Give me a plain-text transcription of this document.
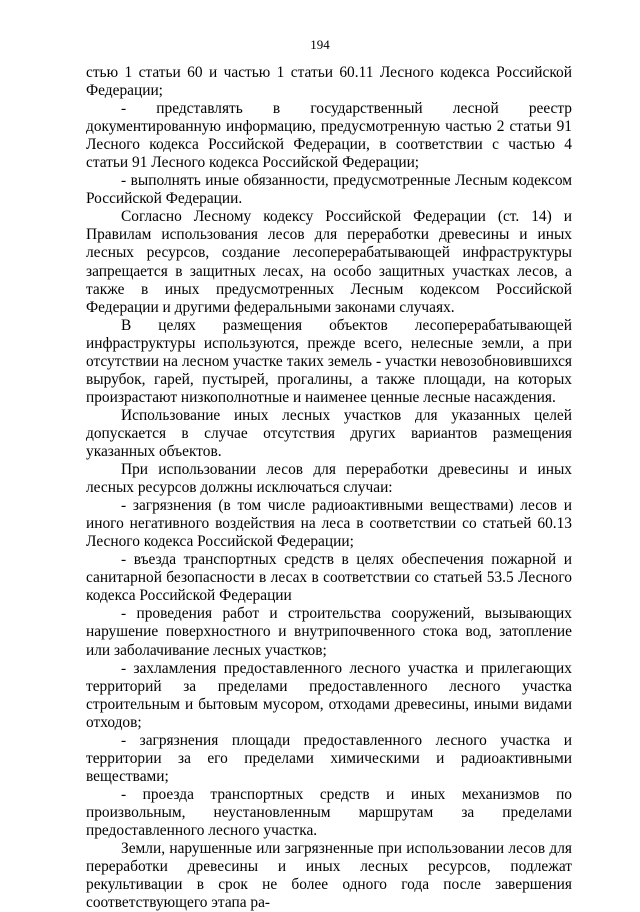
194

стью 1 статьи 60 и частью 1 статьи 60.11 Лесного кодекса Российской Федерации;

- представлять в государственный лесной реестр документированную информацию, предусмотренную частью 2 статьи 91 Лесного кодекса Российской Федерации, в соответствии с частью 4 статьи 91 Лесного кодекса Российской Федерации;

- выполнять иные обязанности, предусмотренные Лесным кодексом Российской Федерации.

Согласно Лесному кодексу Российской Федерации (ст. 14) и Правилам использования лесов для переработки древесины и иных лесных ресурсов, создание лесоперерабатывающей инфраструктуры запрещается в защитных лесах, на особо защитных участках лесов, а также в иных предусмотренных Лесным кодексом Российской Федерации и другими федеральными законами случаях.

В целях размещения объектов лесоперерабатывающей инфраструктуры используются, прежде всего, нелесные земли, а при отсутствии на лесном участке таких земель - участки невозобновившихся вырубок, гарей, пустырей, прогалины, а также площади, на которых произрастают низкополнотные и наименее ценные лесные насаждения.

Использование иных лесных участков для указанных целей допускается в случае отсутствия других вариантов размещения указанных объектов.

При использовании лесов для переработки древесины и иных лесных ресурсов должны исключаться случаи:

- загрязнения (в том числе радиоактивными веществами) лесов и иного негативного воздействия на леса в соответствии со статьей 60.13 Лесного кодекса Российской Федерации;

- въезда транспортных средств в целях обеспечения пожарной и санитарной безопасности в лесах в соответствии со статьей 53.5 Лесного кодекса Российской Федерации

- проведения работ и строительства сооружений, вызывающих нарушение поверхностного и внутрипочвенного стока вод, затопление или заболачивание лесных участков;

- захламления предоставленного лесного участка и прилегающих территорий за пределами предоставленного лесного участка строительным и бытовым мусором, отходами древесины, иными видами отходов;

- загрязнения площади предоставленного лесного участка и территории за его пределами химическими и радиоактивными веществами;

- проезда транспортных средств и иных механизмов по произвольным, неустановленным маршрутам за пределами предоставленного лесного участка.

Земли, нарушенные или загрязненные при использовании лесов для переработки древесины и иных лесных ресурсов, подлежат рекультивации в срок не более одного года после завершения соответствующего этапа ра-
